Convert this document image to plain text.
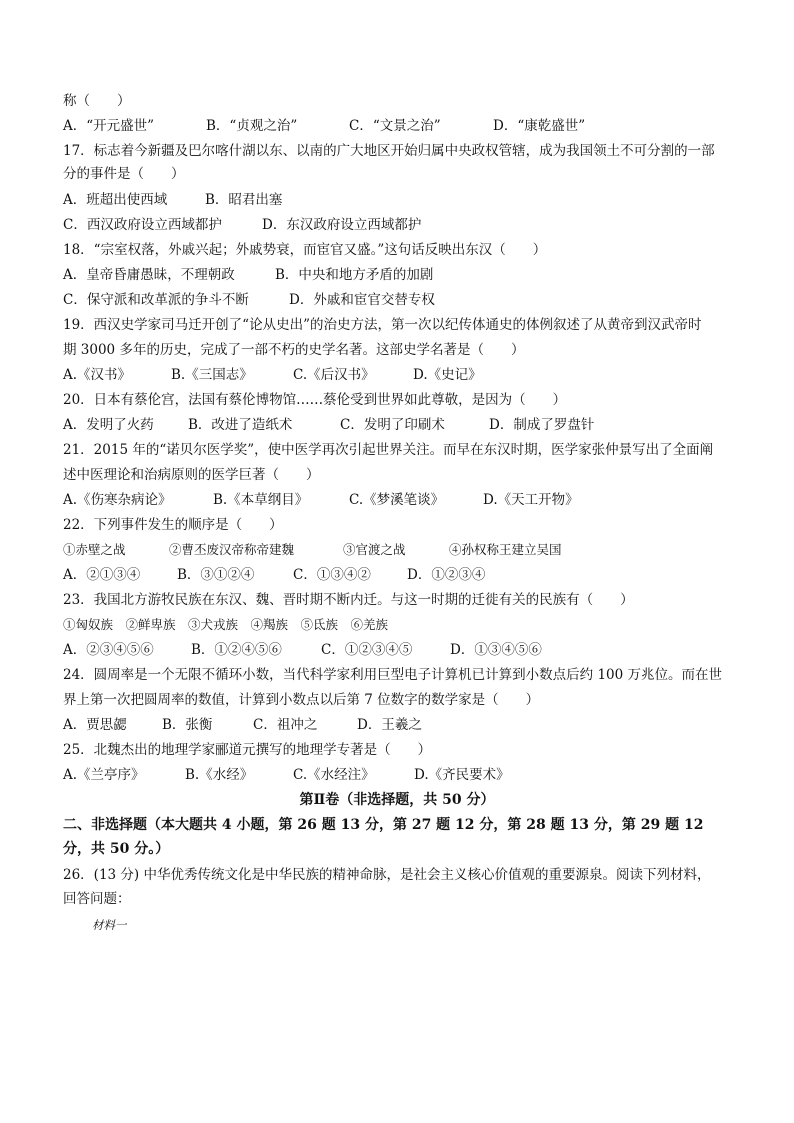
称（　　）
A．“开元盛世”	B．“贞观之治”	C．“文景之治”	D．“康乾盛世”
17．标志着今新疆及巴尔喀什湖以东、以南的广大地区开始归属中央政权管辖，成为我国领土不可分割的一部
分的事件是（　　）
A．班超出使西域	B．昭君出塞
C．西汉政府设立西域都护	D．东汉政府设立西域都护
18．“宗室权落，外戚兴起；外戚势衰，而宦官又盛。”这句话反映出东汉（　　）
A．皇帝昏庸愚昧，不理朝政	B．中央和地方矛盾的加剧
C．保守派和改革派的争斗不断	D．外戚和宦官交替专权
19．西汉史学家司马迁开创了“论从史出”的治史方法，第一次以纪传体通史的体例叙述了从黄帝到汉武帝时
期 3000 多年的历史，完成了一部不朽的史学名著。这部史学名著是（　　）
A.《汉书》	B.《三国志》	C.《后汉书》	D.《史记》
20．日本有蔡伦宫，法国有蔡伦博物馆……蔡伦受到世界如此尊敬，是因为（　　）
A．发明了火药	B．改进了造纸术	C．发明了印刷术	D．制成了罗盘针
21．2015 年的“诺贝尔医学奖”，使中医学再次引起世界关注。而早在东汉时期，医学家张仲景写出了全面阐
述中医理论和治病原则的医学巨著（　　）
A.《伤寒杂病论》	B.《本草纲目》	C.《梦溪笔谈》	D.《天工开物》
22．下列事件发生的顺序是（　　）
①赤壁之战	②曹丕废汉帝称帝建魏	③官渡之战	④孙权称王建立吴国
A．②①③④	B．③①②④	C．①③④②	D．①②③④
23．我国北方游牧民族在东汉、魏、晋时期不断内迁。与这一时期的迁徙有关的民族有（　　）
①匈奴族　②鲜卑族　③犬戎族　④羯族　⑤氐族　⑥羌族
A．②③④⑤⑥	B．①②④⑤⑥	C．①②③④⑤	D．①③④⑤⑥
24．圆周率是一个无限不循环小数，当代科学家利用巨型电子计算机已计算到小数点后约 100 万兆位。而在世
界上第一次把圆周率的数值，计算到小数点以后第 7 位数字的数学家是（　　）
A．贾思勰	B．张衡	C．祖冲之	D．王羲之
25．北魏杰出的地理学家郦道元撰写的地理学专著是（　　）
A.《兰亭序》	B.《水经》	C.《水经注》	D.《齐民要术》
第Ⅱ卷（非选择题，共 50 分）
二、非选择题（本大题共 4 小题，第 26 题 13 分，第 27 题 12 分，第 28 题 13 分，第 29 题 12
分，共 50 分。）
26．(13 分) 中华优秀传统文化是中华民族的精神命脉，是社会主义核心价值观的重要源泉。阅读下列材料，
回答问题：
材料一
